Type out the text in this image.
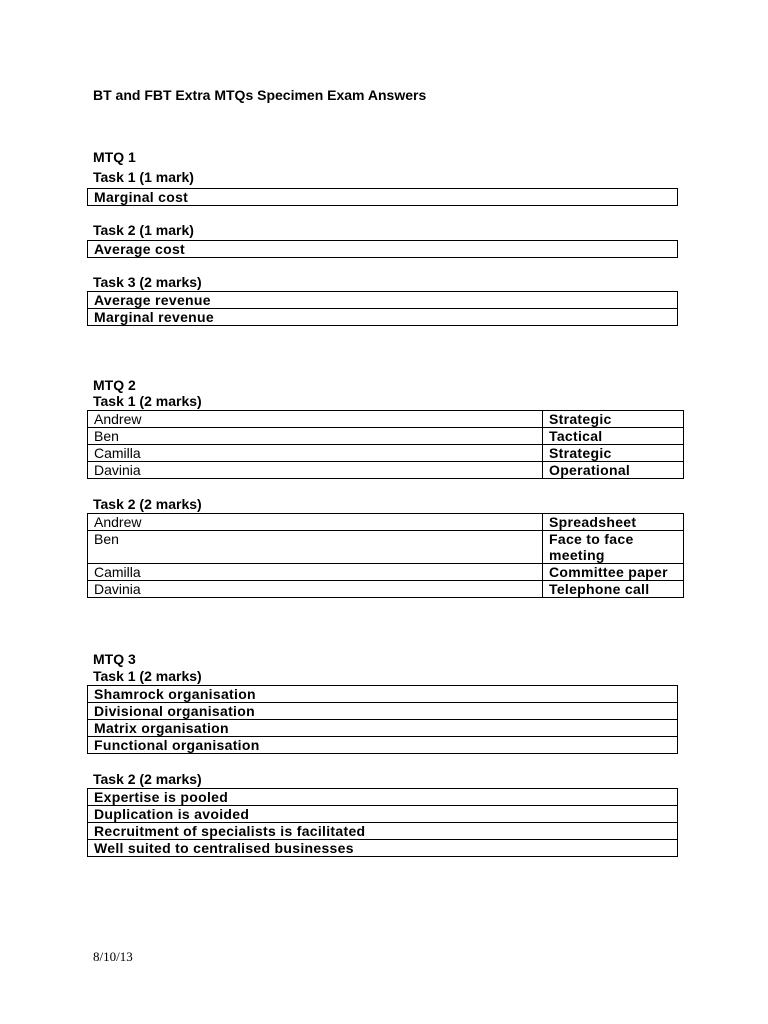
BT and FBT Extra MTQs Specimen Exam Answers
MTQ 1
Task 1 (1 mark)
Marginal cost
Task 2 (1 mark)
Average cost
Task 3 (2 marks)
Average revenue
Marginal revenue
MTQ 2
Task 1 (2 marks)
Andrew	Strategic
Ben	Tactical
Camilla	Strategic
Davinia	Operational
Task 2 (2 marks)
Andrew	Spreadsheet
Ben	Face to face meeting
Camilla	Committee paper
Davinia	Telephone call
MTQ 3
Task 1 (2 marks)
Shamrock organisation
Divisional organisation
Matrix organisation
Functional organisation
Task 2 (2 marks)
Expertise is pooled
Duplication is avoided
Recruitment of specialists is facilitated
Well suited to centralised businesses
8/10/13
